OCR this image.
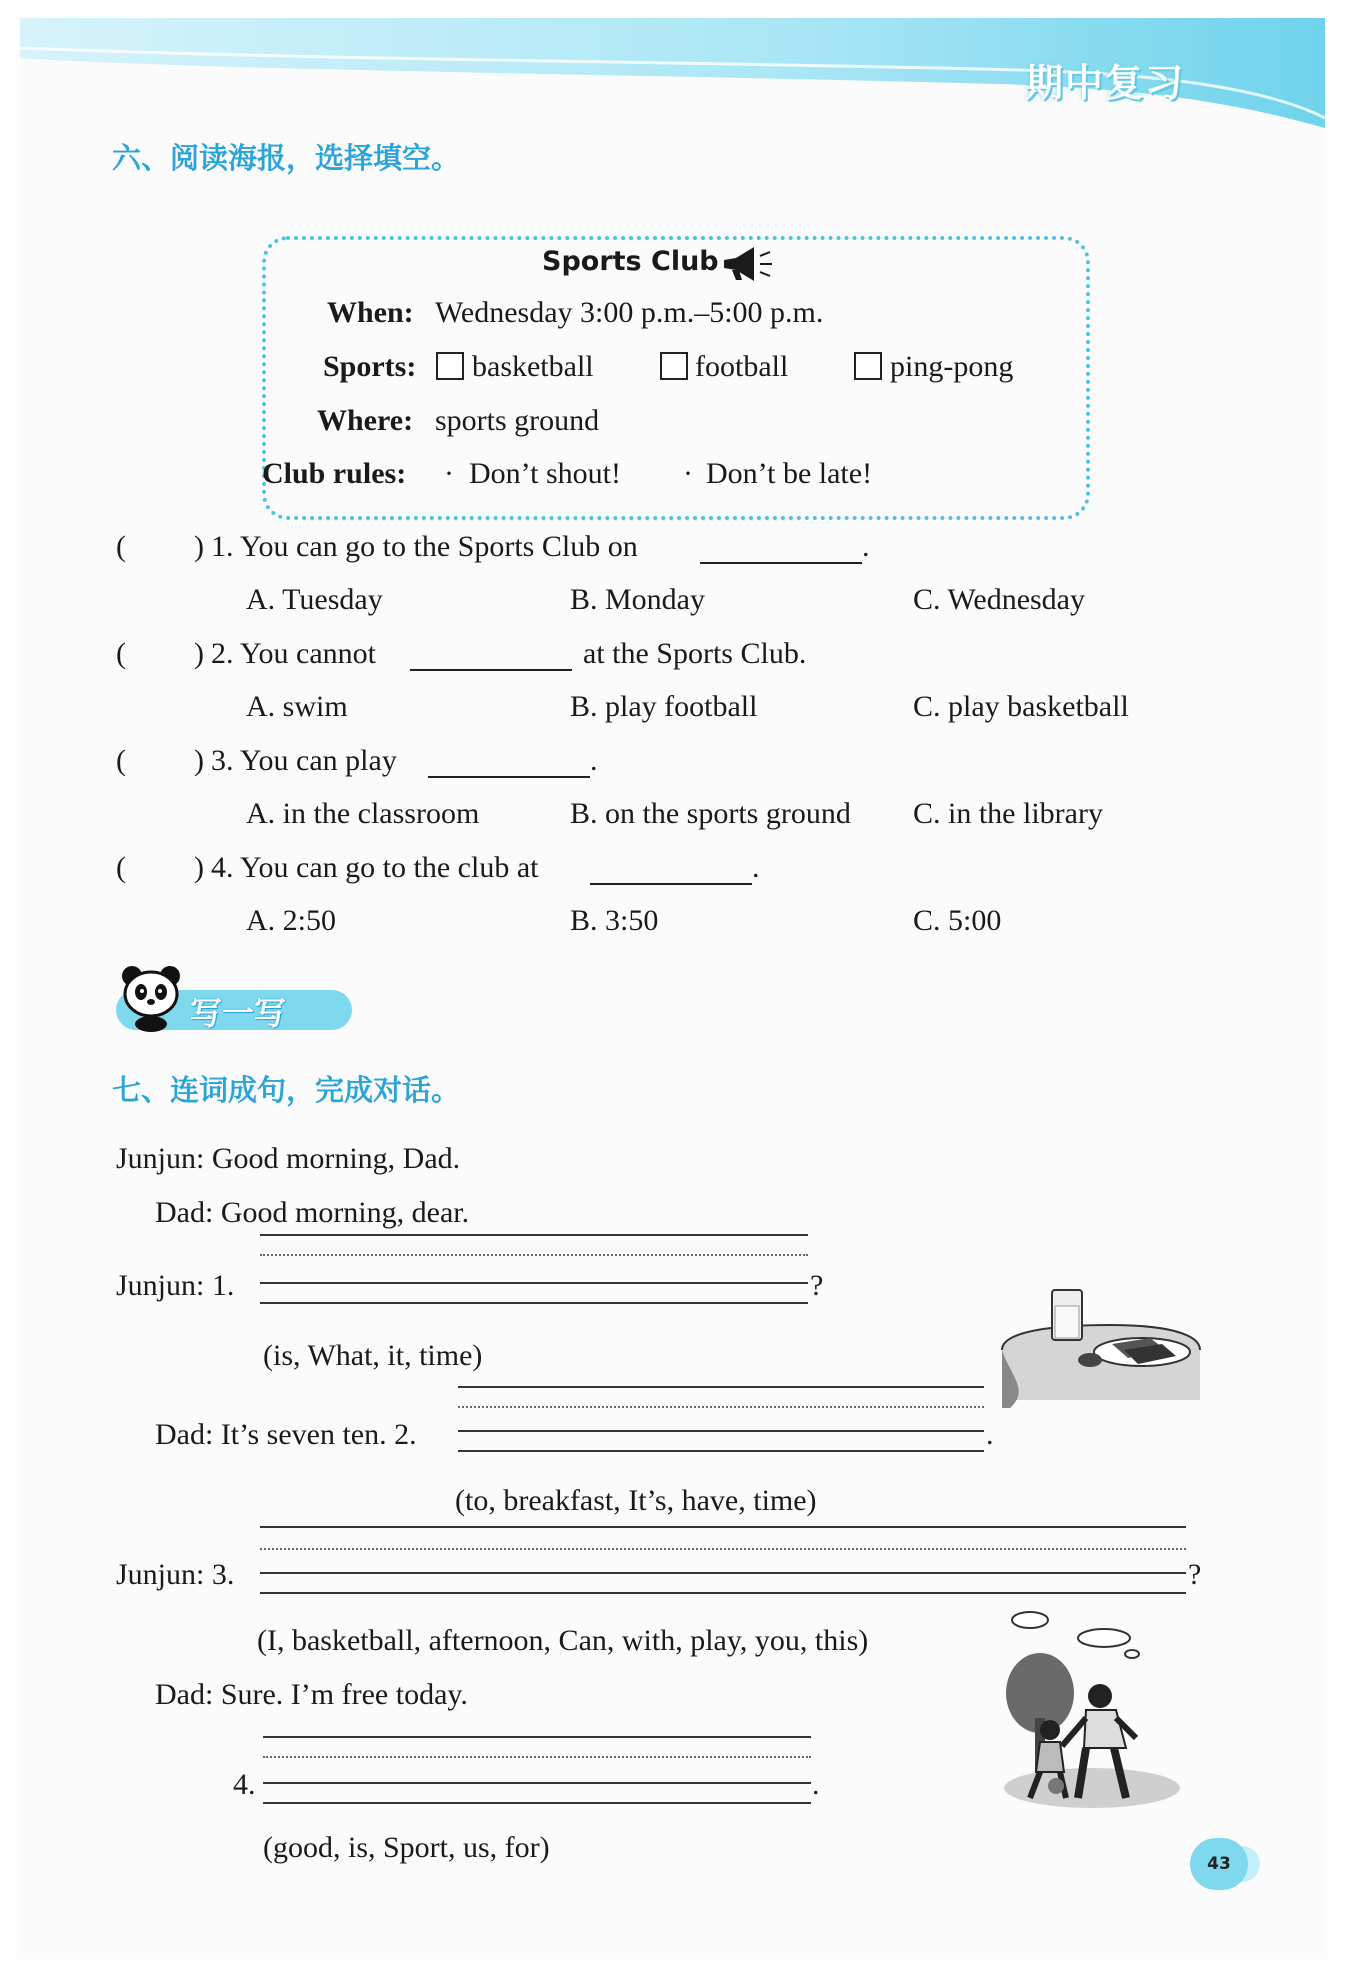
期中复习
六、阅读海报，选择填空。
Sports Club
When: Wednesday 3:00 p.m.–5:00 p.m.
Sports: basketball	football	ping-pong
Where: sports ground
Club rules: · Don’t shout! · Don’t be late!
( ) 1. You can go to the Sports Club on	.
A. Tuesday	B. Monday	C. Wednesday
( ) 2. You cannot	at the Sports Club.
A. swim	B. play football	C. play basketball
( ) 3. You can play	.
A. in the classroom	B. on the sports ground C. in the library
( ) 4. You can go to the club at	.
A. 2:50	B. 3:50	C. 5:00
写一写
七、连词成句，完成对话。
Junjun: Good morning, Dad.
Dad: Good morning, dear.
Junjun: 1.	?
(is, What, it, time)
Dad: It’s seven ten. 2.	.
(to, breakfast, It’s, have, time)
Junjun: 3.	?
(I, basketball, afternoon, Can, with, play, you, this)
Dad: Sure. I’m free today.
4.	.
(good, is, Sport, us, for)	43
